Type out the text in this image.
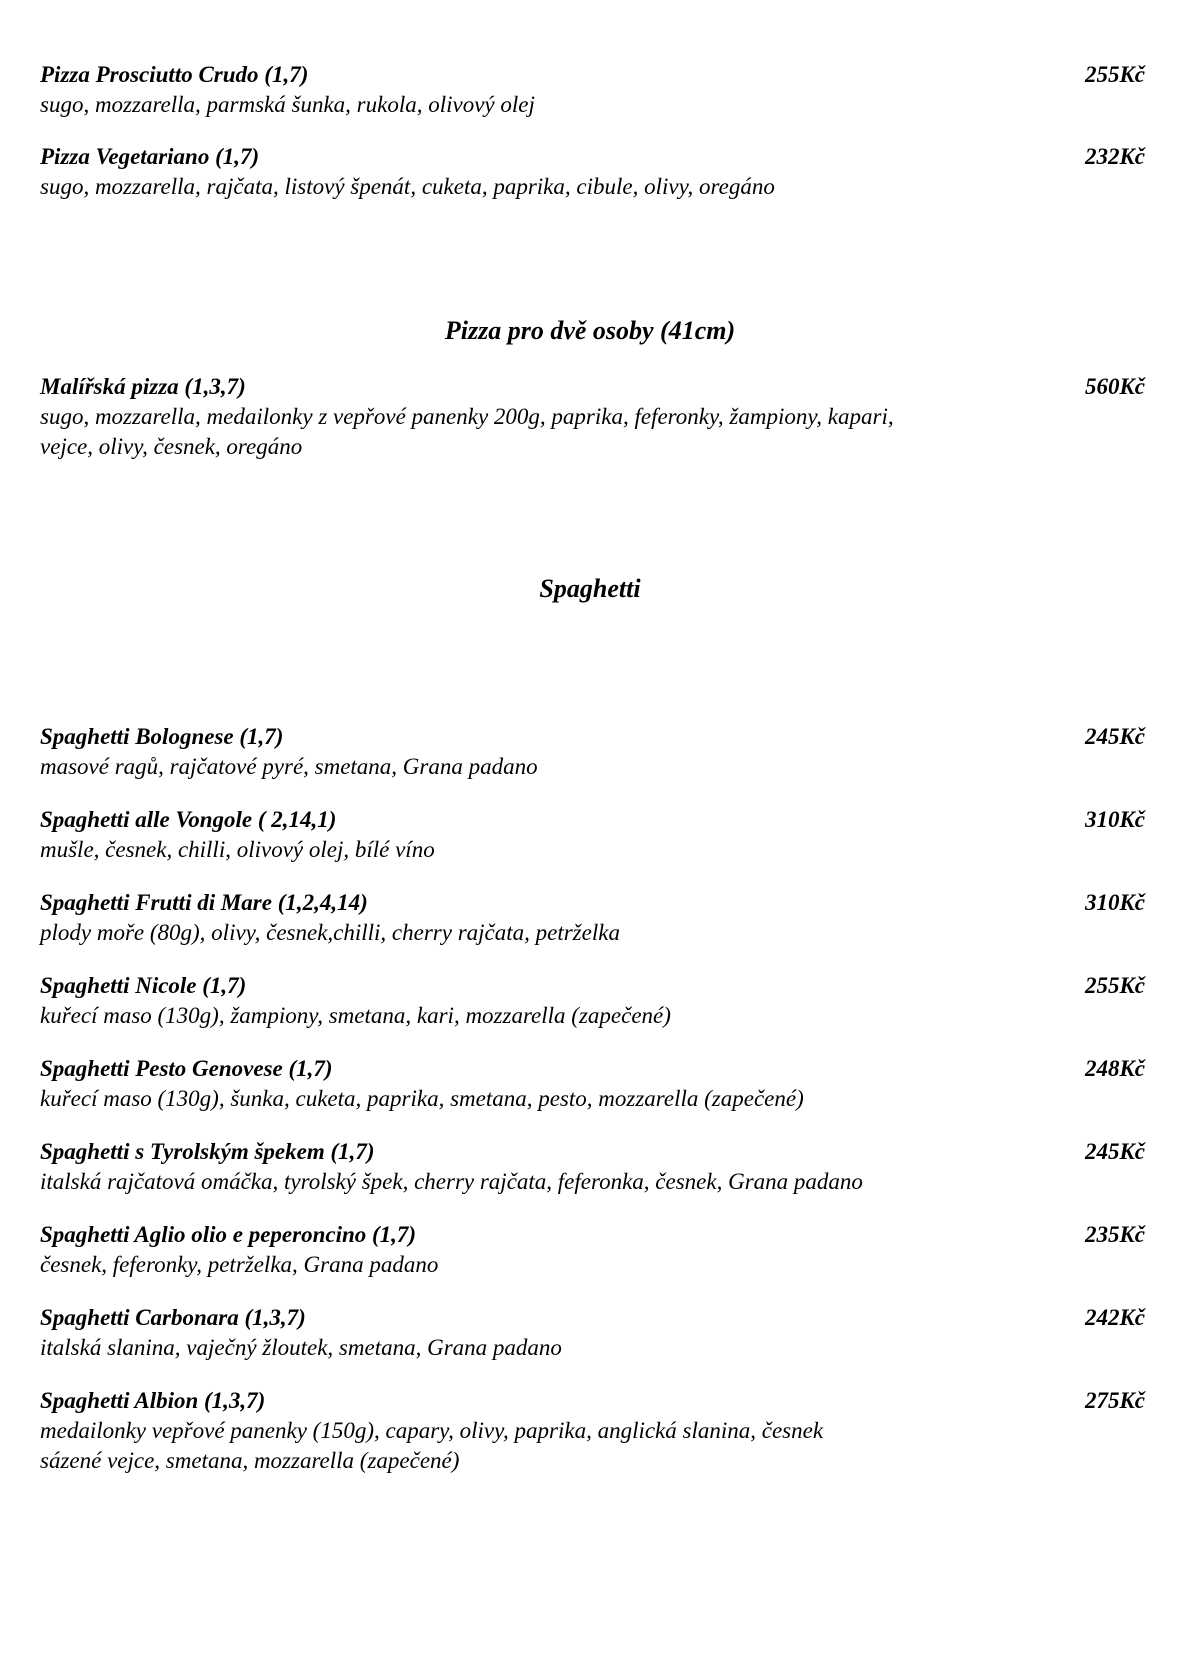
Pizza Prosciutto Crudo (1,7)	255Kč
sugo, mozzarella, parmská šunka, rukola, olivový olej
Pizza Vegetariano (1,7)	232Kč
sugo, mozzarella, rajčata, listový špenát, cuketa, paprika, cibule, olivy, oregáno
Pizza pro dvě osoby (41cm)
Malířská pizza (1,3,7)	560Kč
sugo, mozzarella, medailonky z vepřové panenky 200g, paprika, feferonky, žampiony, kapari,
vejce, olivy, česnek, oregáno
Spaghetti
Spaghetti Bolognese (1,7)	245Kč
masové ragů, rajčatové pyré, smetana, Grana padano
Spaghetti alle Vongole ( 2,14,1)	310Kč
mušle, česnek, chilli, olivový olej, bílé víno
Spaghetti Frutti di Mare (1,2,4,14)	310Kč
plody moře (80g), olivy, česnek,chilli, cherry rajčata, petrželka
Spaghetti Nicole (1,7)	255Kč
kuřecí maso (130g), žampiony, smetana, kari, mozzarella (zapečené)
Spaghetti Pesto Genovese (1,7)	248Kč
kuřecí maso (130g), šunka, cuketa, paprika, smetana, pesto, mozzarella (zapečené)
Spaghetti s Tyrolským špekem (1,7)	245Kč
italská rajčatová omáčka, tyrolský špek, cherry rajčata, feferonka, česnek, Grana padano
Spaghetti Aglio olio e peperoncino (1,7)	235Kč
česnek, feferonky, petrželka, Grana padano
Spaghetti Carbonara (1,3,7)	242Kč
italská slanina, vaječný žloutek, smetana, Grana padano
Spaghetti Albion (1,3,7)	275Kč
medailonky vepřové panenky (150g), capary, olivy, paprika, anglická slanina, česnek
sázené vejce, smetana, mozzarella (zapečené)
